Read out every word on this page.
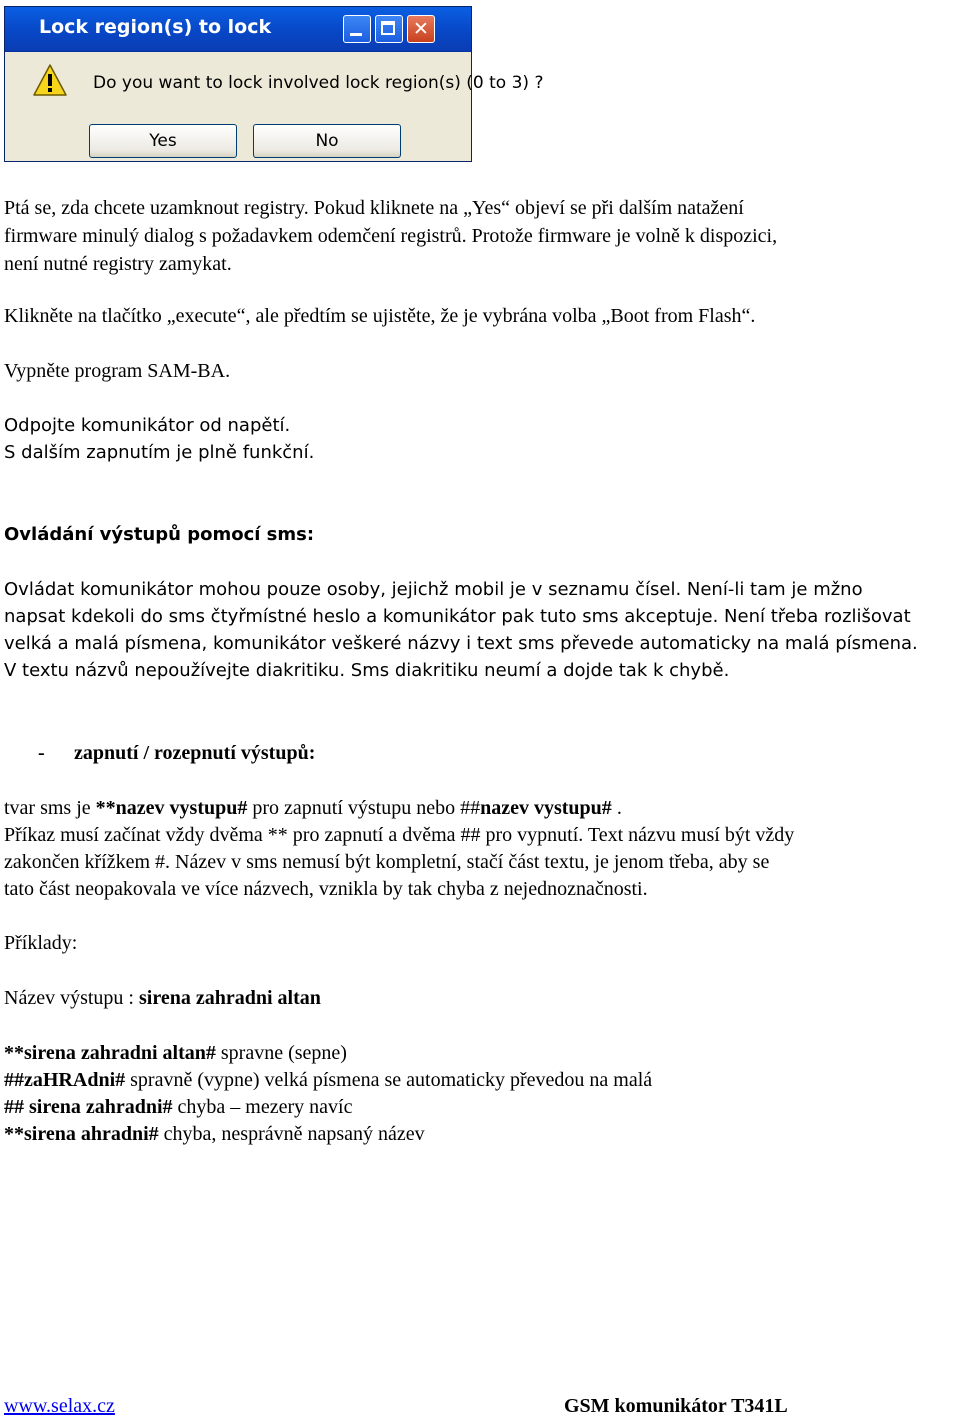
Lock region(s) to lock	✕
Do you want to lock involved lock region(s) (0 to 3) ?
Yes	No
Ptá se, zda chcete uzamknout registry. Pokud kliknete na „Yes“ objeví se při dalším natažení
firmware minulý dialog s požadavkem odemčení registrů. Protože firmware je volně k dispozici,
není nutné registry zamykat.
Klikněte na tlačítko „execute“, ale předtím se ujistěte, že je vybrána volba „Boot from Flash“.
Vypněte program SAM-BA.
Odpojte komunikátor od napětí.
S dalším zapnutím je plně funkční.
Ovládání výstupů pomocí sms:
Ovládat komunikátor mohou pouze osoby, jejichž mobil je v seznamu čísel. Není-li tam je mžno
napsat kdekoli do sms čtyřmístné heslo a komunikátor pak tuto sms akceptuje. Není třeba rozlišovat
velká a malá písmena, komunikátor veškeré názvy i text sms převede automaticky na malá písmena.
V textu názvů nepoužívejte diakritiku. Sms diakritiku neumí a dojde tak k chybě.
- zapnutí / rozepnutí výstupů:
tvar sms je **nazev vystupu# pro zapnutí výstupu nebo ##nazev vystupu# .
Příkaz musí začínat vždy dvěma ** pro zapnutí a dvěma ## pro vypnutí. Text názvu musí být vždy
zakončen křížkem #. Název v sms nemusí být kompletní, stačí část textu, je jenom třeba, aby se
tato část neopakovala ve více názvech, vznikla by tak chyba z nejednoznačnosti.
Příklady:
Název výstupu : sirena zahradni altan
**sirena zahradni altan# spravne (sepne)
##zaHRAdni# spravně (vypne) velká písmena se automaticky převedou na malá
## sirena zahradni# chyba – mezery navíc
**sirena ahradni# chyba, nesprávně napsaný název
www.selax.cz	GSM komunikátor T341L
